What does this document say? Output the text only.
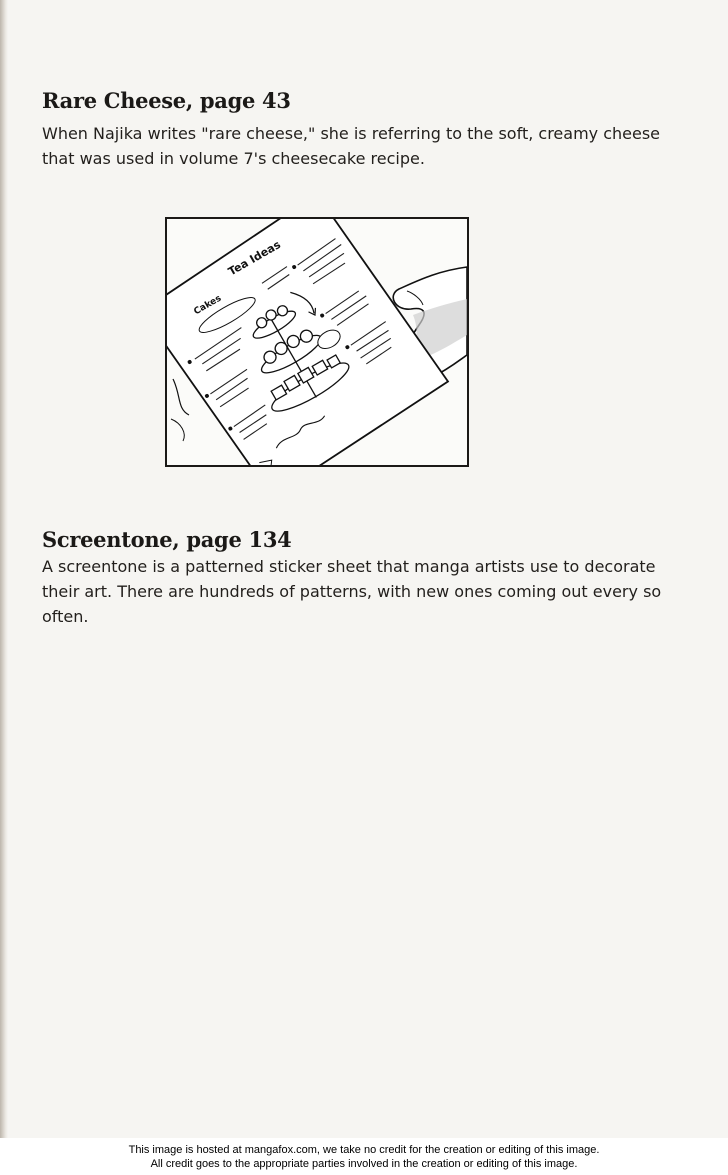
Rare Cheese, page 43

When Najika writes "rare cheese," she is referring to the soft, creamy cheese that was used in volume 7's cheesecake recipe.

Tea Ideas
Cakes
Screentone, page 134

A screentone is a patterned sticker sheet that manga artists use to decorate their art. There are hundreds of patterns, with new ones coming out every so often.

This image is hosted at mangafox.com, we take no credit for the creation or editing of this image.
All credit goes to the appropriate parties involved in the creation or editing of this image.
